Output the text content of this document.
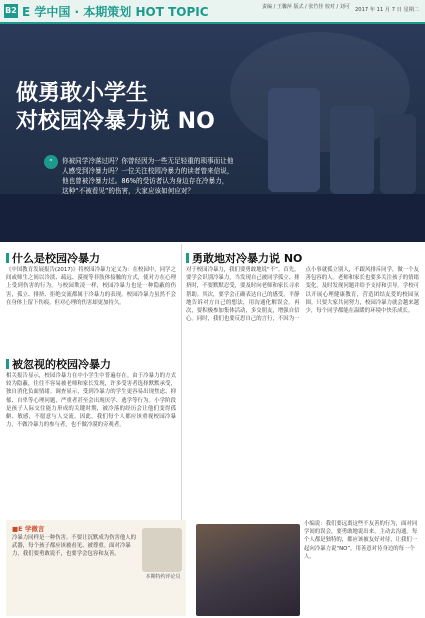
B2 E 学中国 · 本期策划 HOT TOPIC	责编 / 王馨萍 版式 / 张竹佳 校对 / 刘可	2017 年 11 月 7 日 星期二
做勇敢小学生
对校园冷暴力说 NO
“	你被同学冷落过吗？你曾经因为一些无足轻重的琐事而让他人感受到冷暴力吗？一位关注校园冷暴力的读者曾来信说，他也曾被冷暴力过。86%的受访者认为身边存在冷暴力，这种“不被看见”的伤害，大家应该如何应对？
什么是校园冷暴力
《中国教育发展报告(2017)》将校园冷暴力定义为：在校园中，同学之间或师生之间以冷淡、疏远、漠视等非肢体接触的方式，使对方在心理上受到伤害的行为。与校园欺凌一样，校园冷暴力也是一种隐蔽的伤害，孤立、排挤、拒绝交流都属于冷暴力的表现。校园冷暴力虽然不会在身体上留下伤痕，但对心理的伤害却更加持久。
被忽视的校园冷暴力
相关报告显示，校园冷暴力在中小学生中普遍存在。由于冷暴力的方式较为隐蔽，往往不容易被老师和家长发现，许多受害者选择默默承受，独自消化负面情绪。调查显示，受到冷暴力的学生更容易出现焦虑、抑郁、自卑等心理问题，严重者甚至会出现厌学、逃学等行为。小学阶段是孩子人际交往能力形成的关键时期，被冷落的经历会让他们变得孤僻、敏感，不愿意与人交流。因此，我们每个人都应该重视校园冷暴力，不做冷暴力的参与者，也不做冷漠的旁观者。
勇敢地对冷暴力说 NO
对于校园冷暴力，我们要勇敢地说“不”。首先，要学会识别冷暴力，当发现自己被同学孤立、排挤时，不要默默忍受，要及时向老师和家长寻求帮助。其次，要学会正确表达自己的感受，平静地告诉对方自己的想法，用沟通化解误会。再次，要积极参加集体活动，多交朋友，增强自信心。同时，我们也要反思自己的言行，不因为一点小事就孤立别人，不跟风排斥同学，做一个友善包容的人。老师和家长也要多关注孩子的情绪变化，及时发现问题并给予支持和引导。学校可以开展心理健康教育，营造团结友爱的校园氛围。只要大家共同努力，校园冷暴力就会越来越少，每个同学都能在温暖的环境中快乐成长。
■E 学微言
冷暴力同样是一种伤害。不要让沉默成为伤害他人的武器，每个孩子都应该被看见、被尊重。面对冷暴力，我们要勇敢说不，也要学会包容和友善。
本期特约评论员
小编说：我们要远离这些不友善的行为，面对同学间的误会，要勇敢地说出来，主动去沟通。每个人都是独特的，都应该被友好对待，让我们一起向冷暴力说“NO”，用善意对待身边的每一个人。
